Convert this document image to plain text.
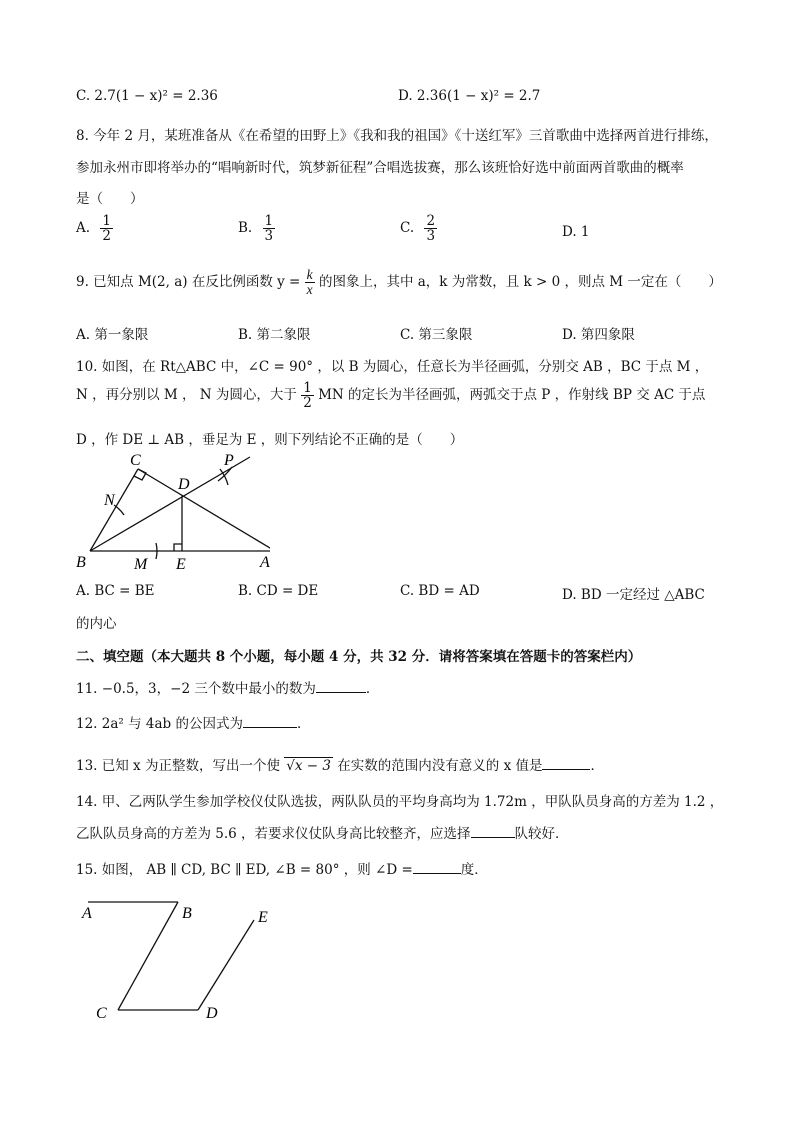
C. 2.7(1 − x)² = 2.36	D. 2.36(1 − x)² = 2.7
8. 今年 2 月，某班准备从《在希望的田野上》《我和我的祖国》《十送红军》三首歌曲中选择两首进行排练，
参加永州市即将举办的“唱响新时代，筑梦新征程”合唱选拔赛，那么该班恰好选中前面两首歌曲的概率
是（　　）
A. $\frac{1}{2}$	B. $\frac{1}{3}$	C. $\frac{2}{3}$	D. 1
9. 已知点 M(2, a) 在反比例函数 $y = \frac{k}{x}$ 的图象上，其中 a，k 为常数，且 k > 0 ，则点 M 一定在（　　）
A. 第一象限	B. 第二象限	C. 第三象限	D. 第四象限
10. 如图，在 Rt△ABC 中，∠C = 90° ，以 B 为圆心，任意长为半径画弧，分别交 AB ，BC 于点 M ，
N ，再分别以 M ， N 为圆心，大于 $\frac{1}{2}$ MN 的定长为半径画弧，两弧交于点 P ，作射线 BP 交 AC 于点
D ，作 DE ⊥ AB ，垂足为 E ，则下列结论不正确的是（　　）
C	P
N
D
B	M E	A
A. BC = BE	B. CD = DE	C. BD = AD	D. BD 一定经过 △ABC
的内心
二、填空题（本大题共 8 个小题，每小题 4 分，共 32 分．请将答案填在答题卡的答案栏内）
11. −0.5，3，−2 三个数中最小的数为	．
12. 2a² 与 4ab 的公因式为	．
13. 已知 x 为正整数，写出一个使 √x − 3 在实数的范围内没有意义的 x 值是	．
14. 甲、乙两队学生参加学校仪仗队选拔，两队队员的平均身高均为 1.72m ，甲队队员身高的方差为 1.2 ，
乙队队员身高的方差为 5.6 ，若要求仪仗队身高比较整齐，应选择	队较好．
15. 如图， AB ∥ CD, BC ∥ ED, ∠B = 80° ，则 ∠D =	度．
A	B	E
C	D
